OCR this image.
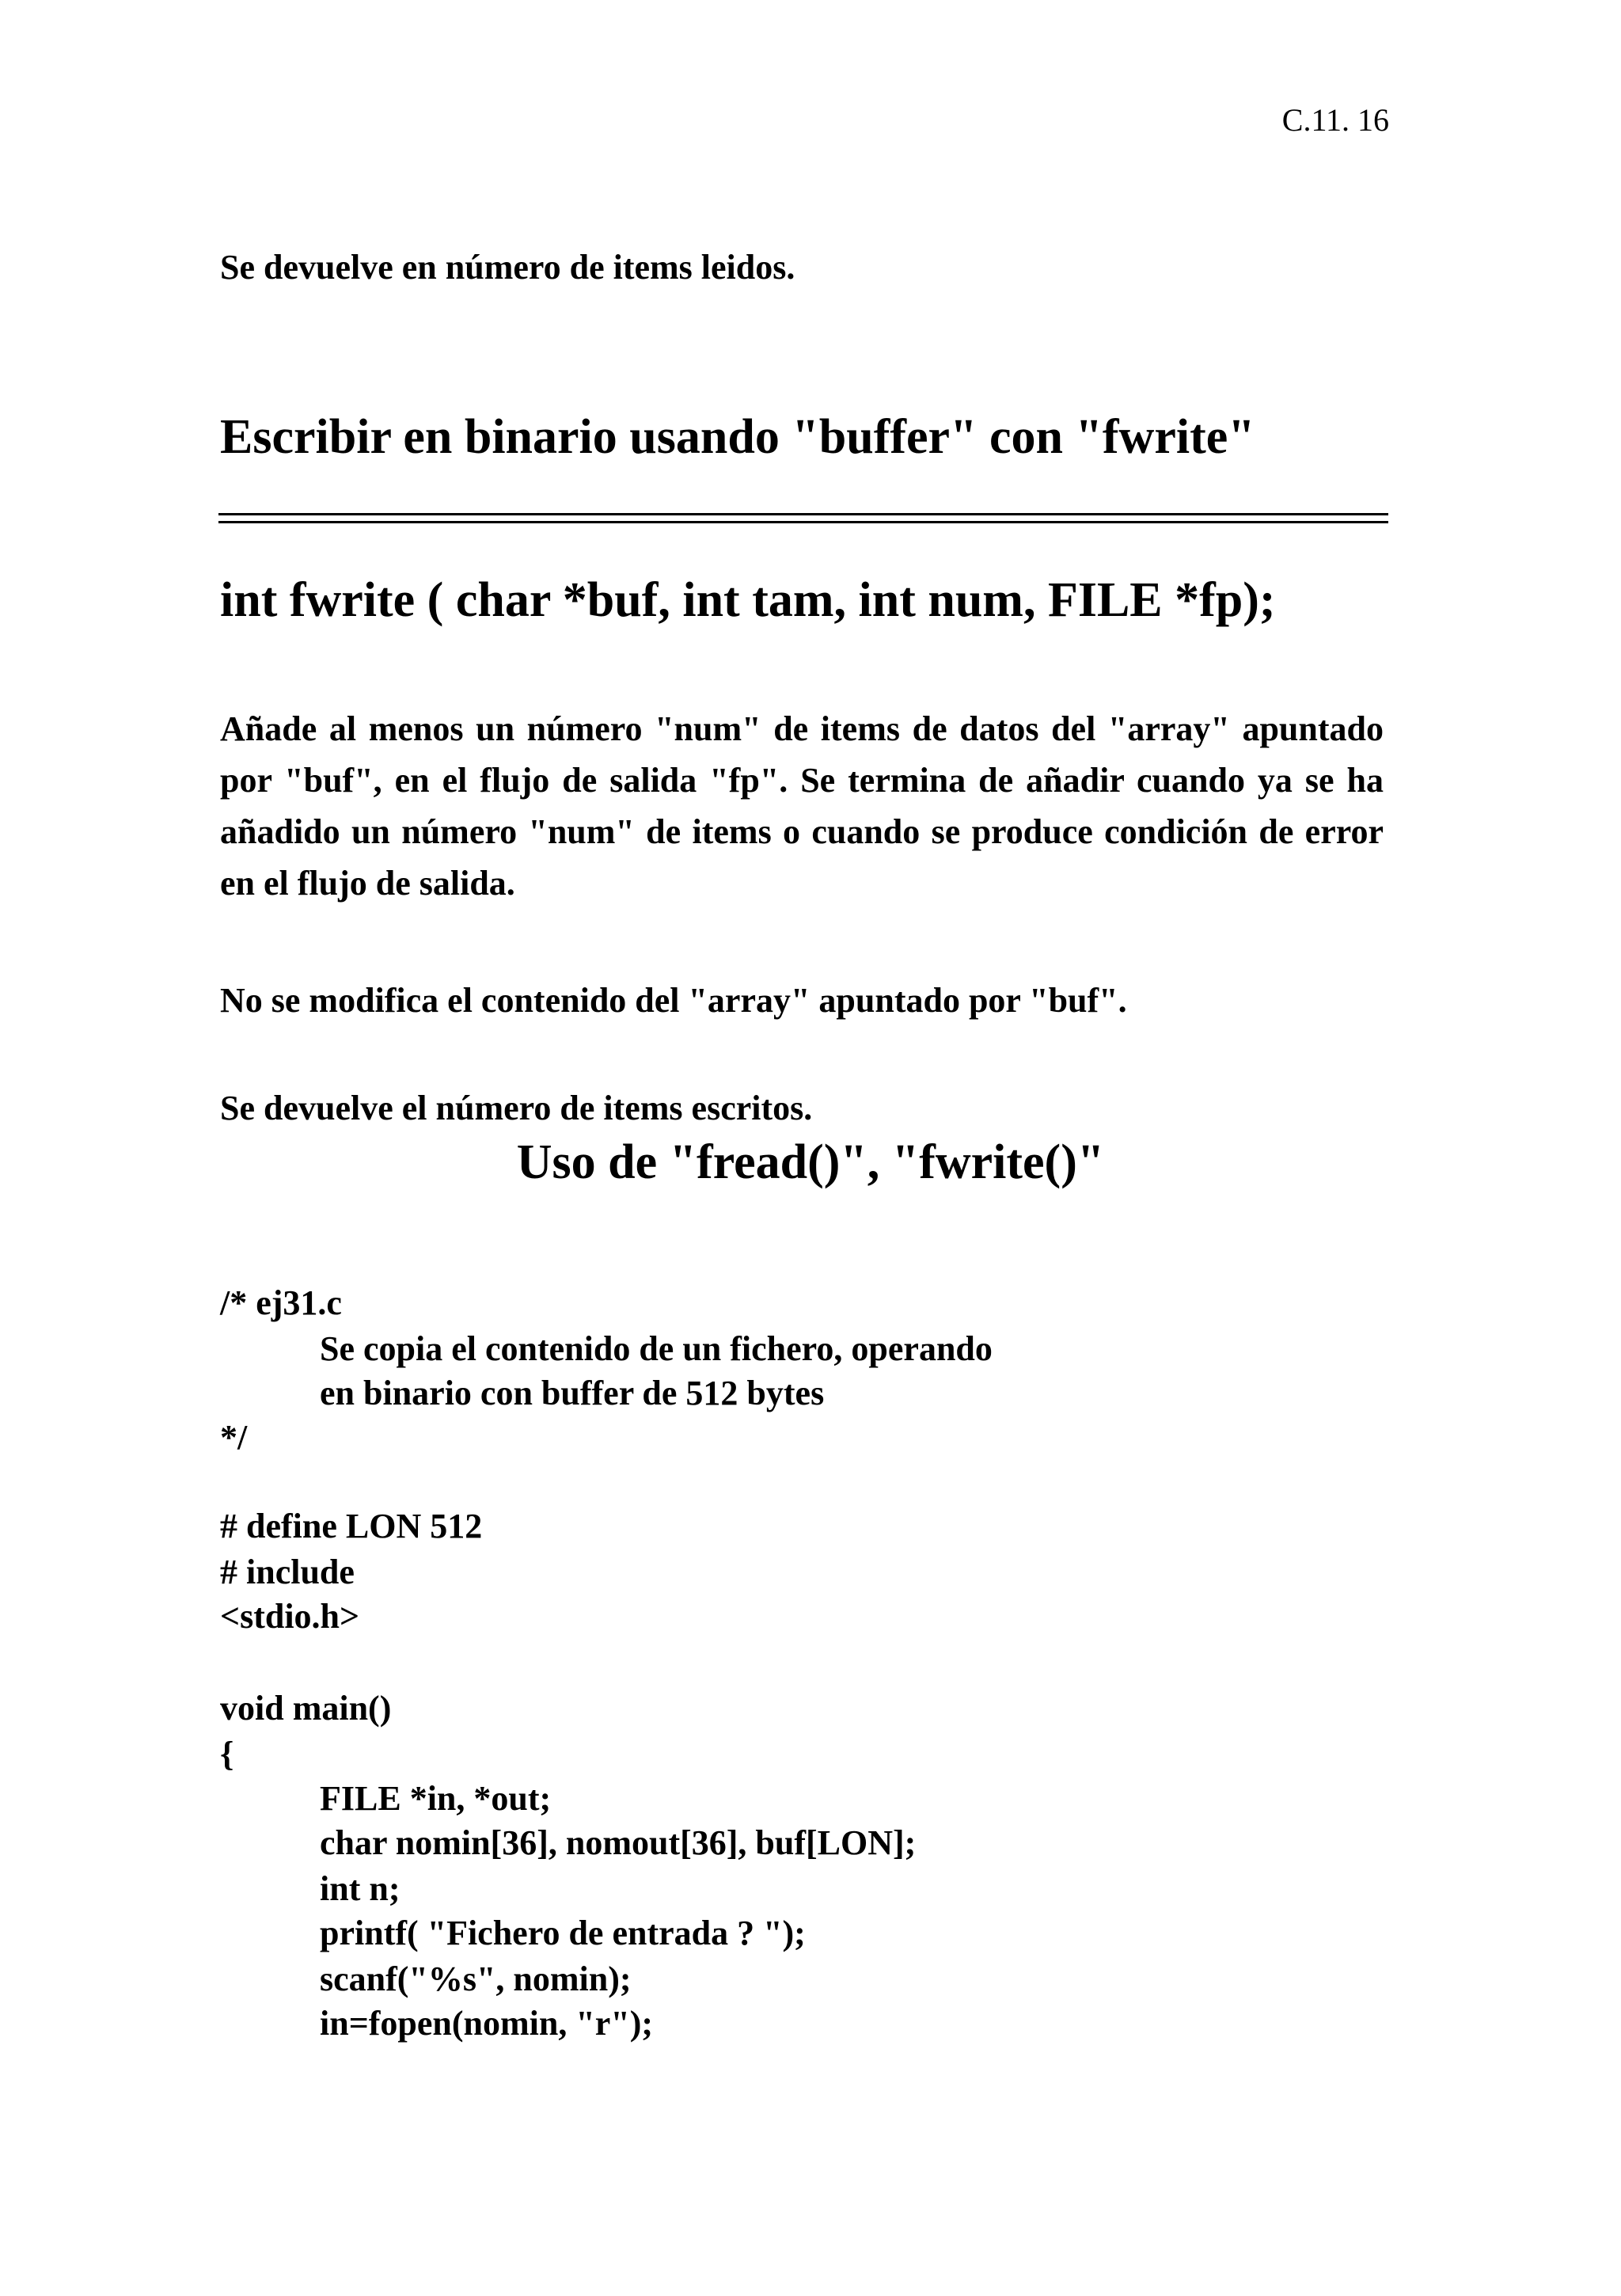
C.11. 16

Se devuelve en número de items leidos.

Escribir en binario usando "buffer" con "fwrite"
int fwrite ( char *buf, int tam, int num, FILE *fp);

Añade al menos un número "num" de items de datos del "array" apuntado por "buf", en el flujo de salida "fp". Se termina de añadir cuando ya se ha añadido un número "num" de items o cuando se produce condición de error en el flujo de salida.

No se modifica el contenido del "array" apuntado por "buf".

Se devuelve el número de items escritos.

Uso de "fread()", "fwrite()"

/* ej31.c

Se copia el contenido de un fichero, operando

en binario con buffer de 512 bytes

*/

# define LON 512

# include

<stdio.h>

void main()

{

FILE *in, *out;

char nomin[36], nomout[36], buf[LON];

int n;

printf( "Fichero de entrada ? ");

scanf("%s", nomin);

in=fopen(nomin, "r");
